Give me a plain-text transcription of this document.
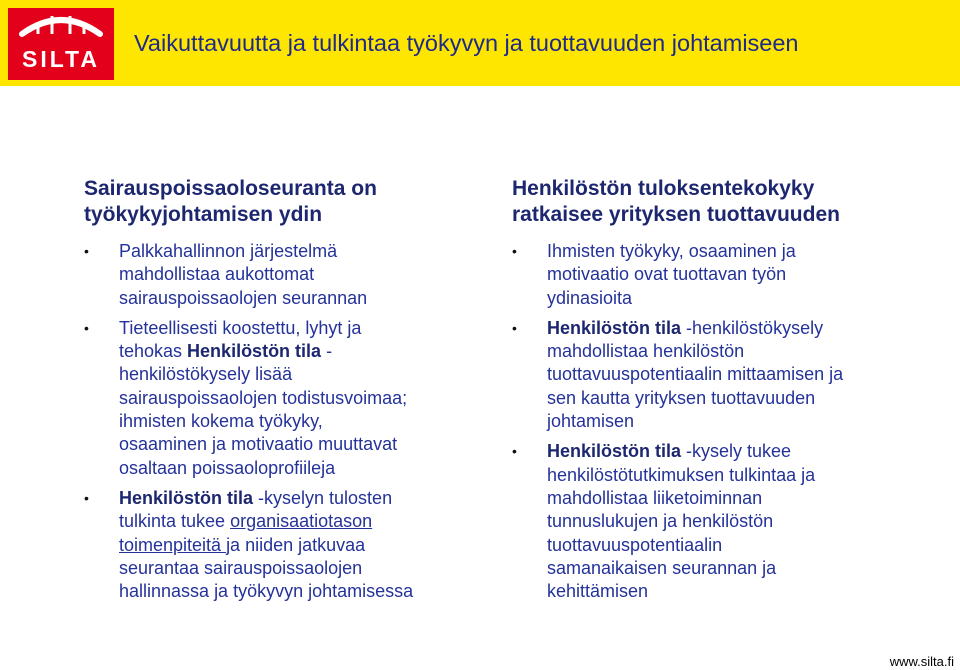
SILTA
Vaikuttavuutta ja tulkintaa työkyvyn ja tuottavuuden johtamiseen
Sairauspoissaoloseuranta on
työkykyjohtamisen ydin
• Palkkahallinnon järjestelmä
mahdollistaa aukottomat
sairauspoissaolojen seurannan
• Tieteellisesti koostettu, lyhyt ja
tehokas Henkilöstön tila -
henkilöstökysely lisää
sairauspoissaolojen todistusvoimaa;
ihmisten kokema työkyky,
osaaminen ja motivaatio muuttavat
osaltaan poissaoloprofiileja
• Henkilöstön tila -kyselyn tulosten
tulkinta tukee organisaatiotason
toimenpiteitä ja niiden jatkuvaa
seurantaa sairauspoissaolojen
hallinnassa ja työkyvyn johtamisessa
Henkilöstön tuloksentekokyky
ratkaisee yrityksen tuottavuuden
• Ihmisten työkyky, osaaminen ja
motivaatio ovat tuottavan työn
ydinasioita
• Henkilöstön tila -henkilöstökysely
mahdollistaa henkilöstön
tuottavuuspotentiaalin mittaamisen ja
sen kautta yrityksen tuottavuuden
johtamisen
• Henkilöstön tila -kysely tukee
henkilöstötutkimuksen tulkintaa ja
mahdollistaa liiketoiminnan
tunnuslukujen ja henkilöstön
tuottavuuspotentiaalin
samanaikaisen seurannan ja
kehittämisen
www.silta.fi
